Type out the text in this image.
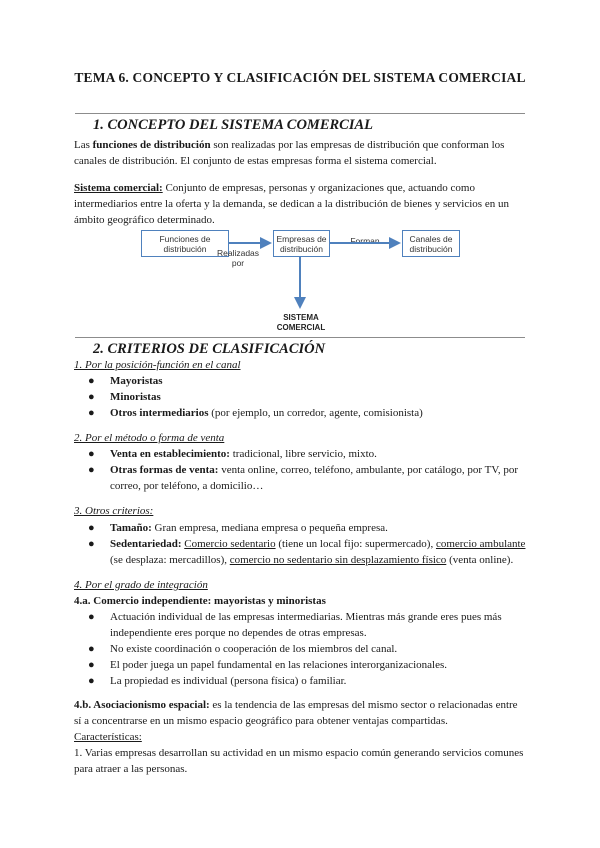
TEMA 6. CONCEPTO Y CLASIFICACIÓN DEL SISTEMA COMERCIAL
1. CONCEPTO DEL SISTEMA COMERCIAL
Las funciones de distribución son realizadas por las empresas de distribución que conforman los
canales de distribución. El conjunto de estas empresas forma el sistema comercial.
Sistema comercial: Conjunto de empresas, personas y organizaciones que, actuando como
intermediarios entre la oferta y la demanda, se dedican a la distribución de bienes y servicios en un
ámbito geográfico determinado.
Funciones de distribución
Empresas de distribución
Canales de distribución
Realizadas por
Forman
SISTEMA COMERCIAL
2. CRITERIOS DE CLASIFICACIÓN
1. Por la posición-función en el canal
● Mayoristas
● Minoristas
● Otros intermediarios (por ejemplo, un corredor, agente, comisionista)
2. Por el método o forma de venta
● Venta en establecimiento: tradicional, libre servicio, mixto.
● Otras formas de venta: venta online, correo, teléfono, ambulante, por catálogo, por TV, por
correo, por teléfono, a domicilio…
3. Otros criterios:
● Tamaño: Gran empresa, mediana empresa o pequeña empresa.
● Sedentariedad: Comercio sedentario (tiene un local fijo: supermercado), comercio ambulante
(se desplaza: mercadillos), comercio no sedentario sin desplazamiento físico (venta online).
4. Por el grado de integración
4.a. Comercio independiente: mayoristas y minoristas
● Actuación individual de las empresas intermediarias. Mientras más grande eres pues más
independiente eres porque no dependes de otras empresas.
● No existe coordinación o cooperación de los miembros del canal.
● El poder juega un papel fundamental en las relaciones interorganizacionales.
● La propiedad es individual (persona física) o familiar.
4.b. Asociacionismo espacial: es la tendencia de las empresas del mismo sector o relacionadas entre
sí a concentrarse en un mismo espacio geográfico para obtener ventajas compartidas.
Características:
1. Varias empresas desarrollan su actividad en un mismo espacio común generando servicios comunes
para atraer a las personas.
